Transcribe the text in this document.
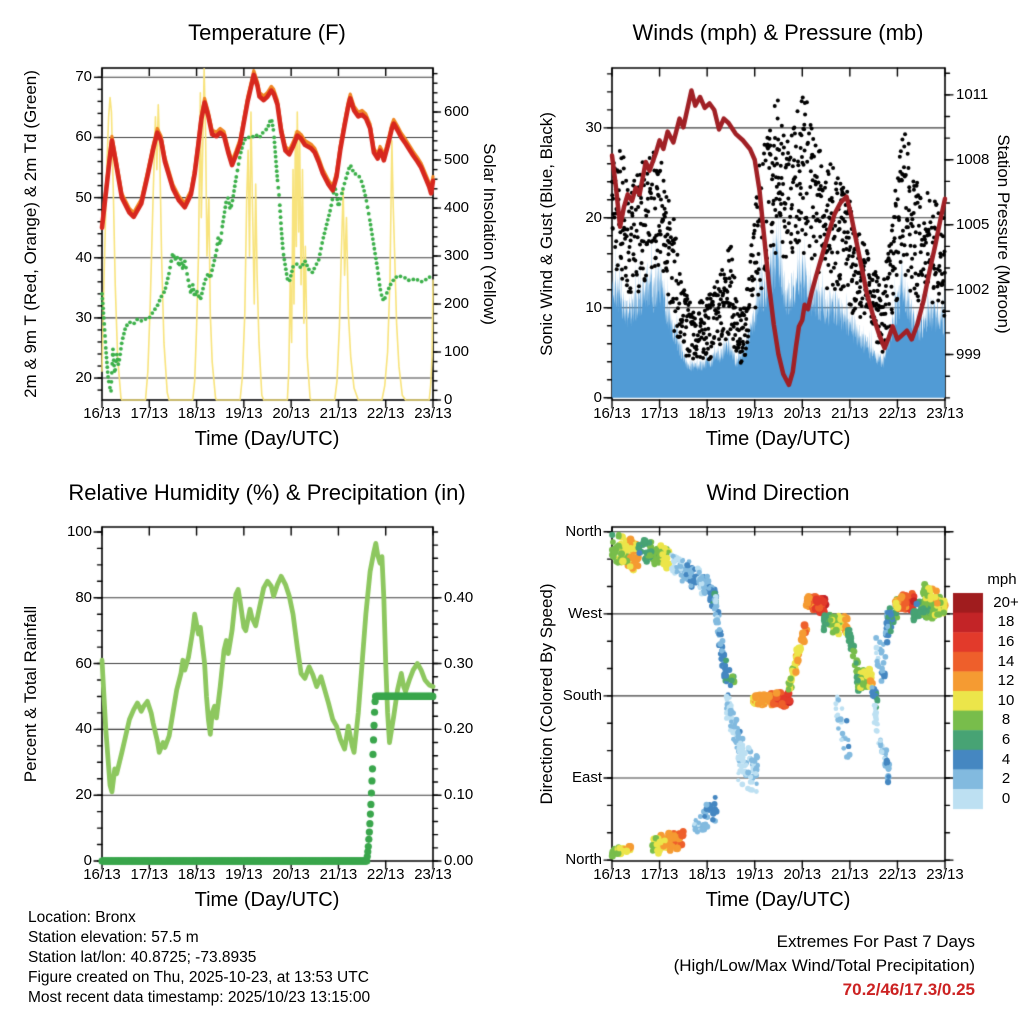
Temperature (F)	Winds (mph) & Pressure (mb)
Relative Humidity (%) & Precipitation (in)	Wind Direction
Time (Day/UTC)	Time (Day/UTC)
Time (Day/UTC)	Time (Day/UTC)
2m & 9m T (Red, Orange) & 2m Td (Green)	Solar Insolation (Yellow) Sonic Wind & Gust (Blue, Black)	Station Pressure (Maroon)
Percent & Total Rainfall	Direction (Colored By Speed)
mph
20+
18
16
14
12
10
8
6
4
2
0
20
30
40
50
60
70
0
100
200
300
400
500
600
16/13 17/13 18/13 19/13 20/13 21/13 22/13 23/13
0
10
20
30
999
1002
1005
1008
1011
16/13 17/13 18/13 19/13 20/13 21/13 22/13 23/13
0
20
40
60
80
100
0.00
0.10
0.20
0.30
0.40
16/13 17/13 18/13 19/13 20/13 21/13 22/13 23/13
North
West
South
East
North
16/13 17/13 18/13 19/13 20/13 21/13 22/13 23/13
Location: Bronx
Station elevation: 57.5 m
Station lat/lon: 40.8725; -73.8935
Figure created on Thu, 2025-10-23, at 13:53 UTC
Most recent data timestamp: 2025/10/23 13:15:00
Extremes For Past 7 Days
(High/Low/Max Wind/Total Precipitation)
70.2/46/17.3/0.25
